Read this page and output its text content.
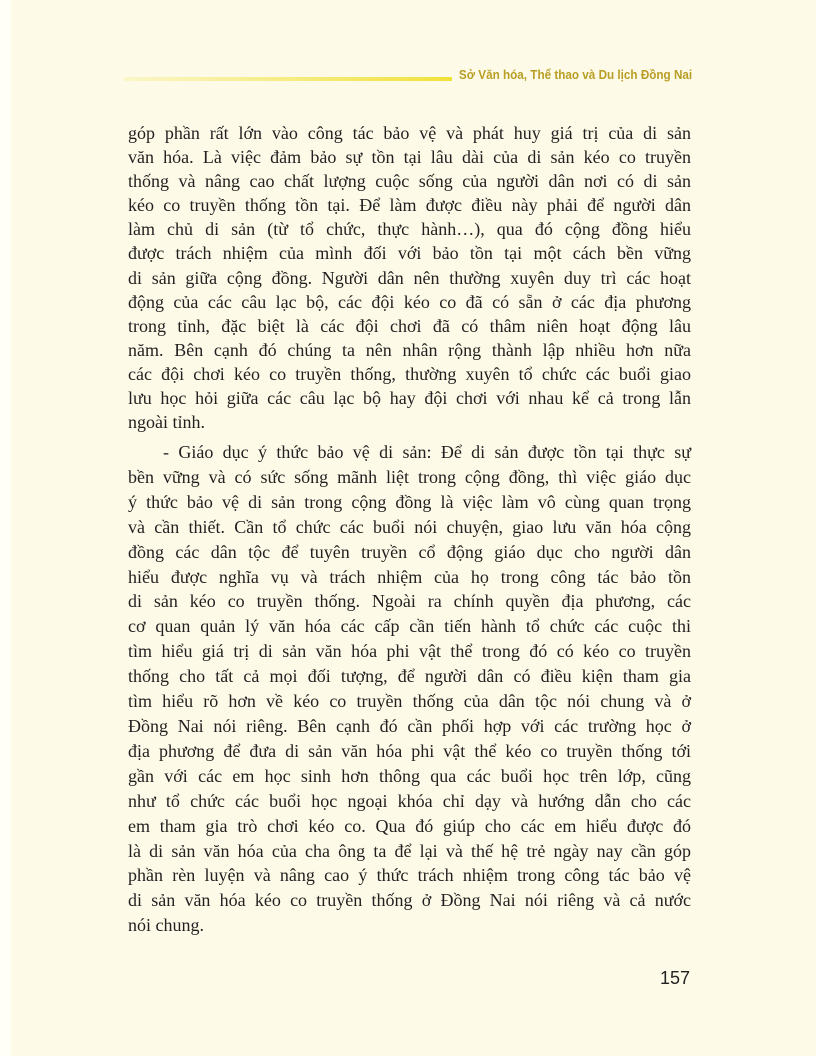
Sở Văn hóa, Thể thao và Du lịch Đồng Nai
góp phần rất lớn vào công tác bảo vệ và phát huy giá trị của di sản
văn hóa. Là việc đảm bảo sự tồn tại lâu dài của di sản kéo co truyền
thống và nâng cao chất lượng cuộc sống của người dân nơi có di sản
kéo co truyền thống tồn tại. Để làm được điều này phải để người dân
làm chủ di sản (từ tổ chức, thực hành…), qua đó cộng đồng hiểu
được trách nhiệm của mình đối với bảo tồn tại một cách bền vững
di sản giữa cộng đồng. Người dân nên thường xuyên duy trì các hoạt
động của các câu lạc bộ, các đội kéo co đã có sẵn ở các địa phương
trong tỉnh, đặc biệt là các đội chơi đã có thâm niên hoạt động lâu
năm. Bên cạnh đó chúng ta nên nhân rộng thành lập nhiều hơn nữa
các đội chơi kéo co truyền thống, thường xuyên tổ chức các buổi giao
lưu học hỏi giữa các câu lạc bộ hay đội chơi với nhau kể cả trong lẫn
ngoài tỉnh.
- Giáo dục ý thức bảo vệ di sản: Để di sản được tồn tại thực sự
bền vững và có sức sống mãnh liệt trong cộng đồng, thì việc giáo dục
ý thức bảo vệ di sản trong cộng đồng là việc làm vô cùng quan trọng
và cần thiết. Cần tổ chức các buổi nói chuyện, giao lưu văn hóa cộng
đồng các dân tộc để tuyên truyền cổ động giáo dục cho người dân
hiểu được nghĩa vụ và trách nhiệm của họ trong công tác bảo tồn
di sản kéo co truyền thống. Ngoài ra chính quyền địa phương, các
cơ quan quản lý văn hóa các cấp cần tiến hành tổ chức các cuộc thi
tìm hiểu giá trị di sản văn hóa phi vật thể trong đó có kéo co truyền
thống cho tất cả mọi đối tượng, để người dân có điều kiện tham gia
tìm hiểu rõ hơn về kéo co truyền thống của dân tộc nói chung và ở
Đồng Nai nói riêng. Bên cạnh đó cần phối hợp với các trường học ở
địa phương để đưa di sản văn hóa phi vật thể kéo co truyền thống tới
gần với các em học sinh hơn thông qua các buổi học trên lớp, cũng
như tổ chức các buổi học ngoại khóa chỉ dạy và hướng dẫn cho các
em tham gia trò chơi kéo co. Qua đó giúp cho các em hiểu được đó
là di sản văn hóa của cha ông ta để lại và thế hệ trẻ ngày nay cần góp
phần rèn luyện và nâng cao ý thức trách nhiệm trong công tác bảo vệ
di sản văn hóa kéo co truyền thống ở Đồng Nai nói riêng và cả nước
nói chung.
157
